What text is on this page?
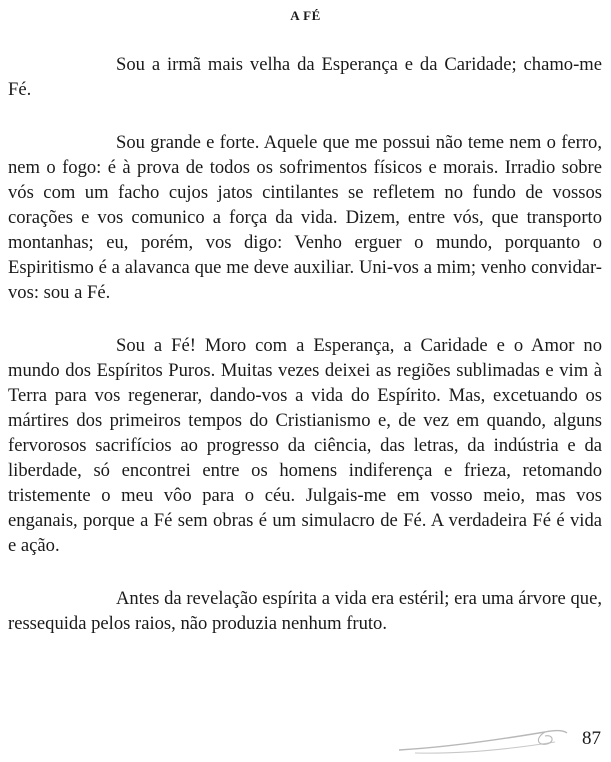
A FÉ

Sou a irmã mais velha da Esperança e da Caridade; chamo-me Fé.

Sou grande e forte. Aquele que me possui não teme nem o ferro, nem o fogo: é à prova de todos os sofrimentos físicos e morais. Irradio sobre vós com um facho cujos jatos cintilantes se refletem no fundo de vossos corações e vos comunico a força da vida. Dizem, entre vós, que transporto montanhas; eu, porém, vos digo: Venho erguer o mundo, porquanto o Espiritismo é a alavanca que me deve auxiliar. Uni-vos a mim; venho convidar-vos: sou a Fé.

Sou a Fé! Moro com a Esperança, a Caridade e o Amor no mundo dos Espíritos Puros. Muitas vezes deixei as regiões sublimadas e vim à Terra para vos regenerar, dando-vos a vida do Espírito. Mas, excetuando os mártires dos primeiros tempos do Cristianismo e, de vez em quando, alguns fervorosos sacrifícios ao progresso da ciência, das letras, da indústria e da liberdade, só encontrei entre os homens indiferença e frieza, retomando tristemente o meu vôo para o céu. Julgais-me em vosso meio, mas vos enganais, porque a Fé sem obras é um simulacro de Fé. A verdadeira Fé é vida e ação.

Antes da revelação espírita a vida era estéril; era uma árvore que, ressequida pelos raios, não produzia nenhum fruto.

87
